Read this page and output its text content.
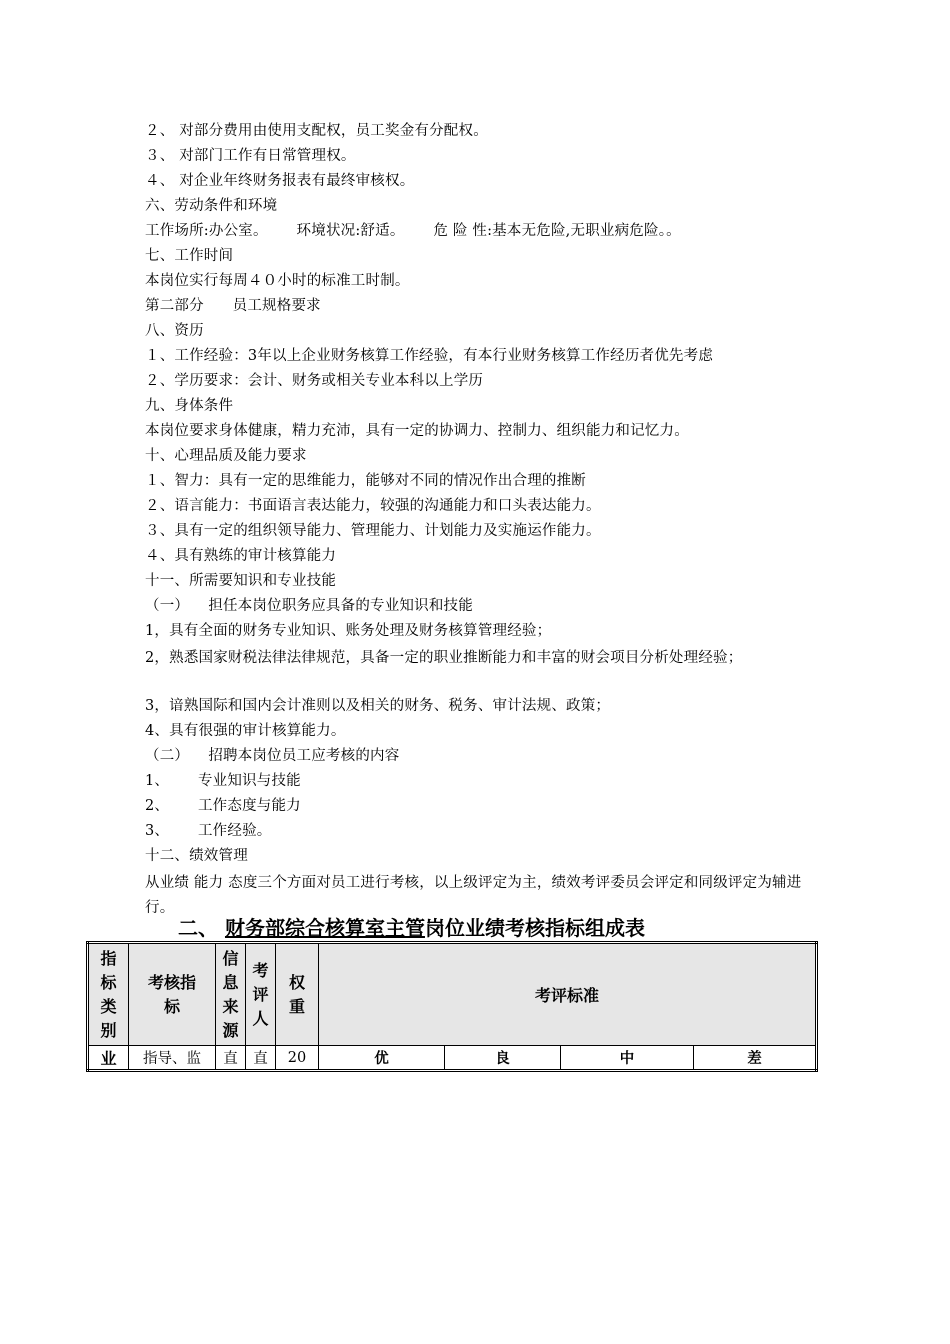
２、 对部分费用由使用支配权，员工奖金有分配权。
３、 对部门工作有日常管理权。
４、 对企业年终财务报表有最终审核权。
六、劳动条件和环境
工作场所:办公室。      环境状况:舒适。      危 险 性:基本无危险,无职业病危险。。
七、工作时间
本岗位实行每周４０小时的标准工时制。
第二部分      员工规格要求
八、资历
１、工作经验：3年以上企业财务核算工作经验，有本行业财务核算工作经历者优先考虑
２、学历要求：会计、财务或相关专业本科以上学历
九、身体条件
本岗位要求身体健康，精力充沛，具有一定的协调力、控制力、组织能力和记忆力。
十、心理品质及能力要求
１、智力：具有一定的思维能力，能够对不同的情况作出合理的推断
２、语言能力：书面语言表达能力，较强的沟通能力和口头表达能力。
３、具有一定的组织领导能力、管理能力、计划能力及实施运作能力。
４、具有熟练的审计核算能力
十一、所需要知识和专业技能
（一）    担任本岗位职务应具备的专业知识和技能
1，具有全面的财务专业知识、账务处理及财务核算管理经验；
2，熟悉国家财税法律法律规范，具备一定的职业推断能力和丰富的财会项目分析处理经验；
3，谙熟国际和国内会计准则以及相关的财务、税务、审计法规、政策；
4、具有很强的审计核算能力。
（二）    招聘本岗位员工应考核的内容
1、      专业知识与技能
2、      工作态度与能力
3、      工作经验。
十二、绩效管理
从业绩 能力 态度三个方面对员工进行考核，以上级评定为主，绩效考评委员会评定和同级评定为辅进行。
二、 财务部综合核算室主管岗位业绩考核指标组成表
指标类别	考核指标	信息来源	考评人	权重	考评标准			
业	指导、监	直	直	20	优	良	中	差
